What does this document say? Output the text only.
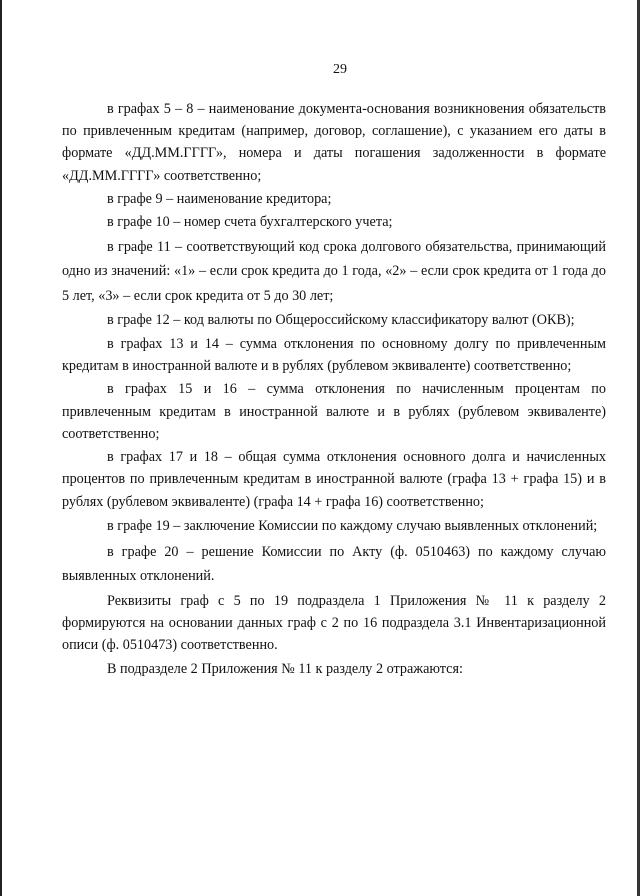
29

в графах 5 – 8 – наименование документа-основания возникновения обязательств по привлеченным кредитам (например, договор, соглашение), с указанием его даты в формате «ДД.ММ.ГГГГ», номера и даты погашения задолженности в формате «ДД.ММ.ГГГГ» соответственно;

в графе 9 – наименование кредитора;

в графе 10 – номер счета бухгалтерского учета;

в графе 11 – соответствующий код срока долгового обязательства, принимающий одно из значений: «1» – если срок кредита до 1 года, «2» – если срок кредита от 1 года до 5 лет, «3» – если срок кредита от 5 до 30 лет;

в графе 12 – код валюты по Общероссийскому классификатору валют (ОКВ);

в графах 13 и 14 – сумма отклонения по основному долгу по привлеченным кредитам в иностранной валюте и в рублях (рублевом эквиваленте) соответственно;

в графах 15 и 16 – сумма отклонения по начисленным процентам по привлеченным кредитам в иностранной валюте и в рублях (рублевом эквиваленте) соответственно;

в графах 17 и 18 – общая сумма отклонения основного долга и начисленных процентов по привлеченным кредитам в иностранной валюте (графа 13 + графа 15) и в рублях (рублевом эквиваленте) (графа 14 + графа 16) соответственно;

в графе 19 – заключение Комиссии по каждому случаю выявленных отклонений;

в графе 20 – решение Комиссии по Акту (ф. 0510463) по каждому случаю выявленных отклонений.

Реквизиты граф с 5 по 19 подраздела 1 Приложения № 11 к разделу 2 формируются на основании данных граф с 2 по 16 подраздела 3.1 Инвентаризационной описи (ф. 0510473) соответственно.

В подразделе 2 Приложения № 11 к разделу 2 отражаются:
